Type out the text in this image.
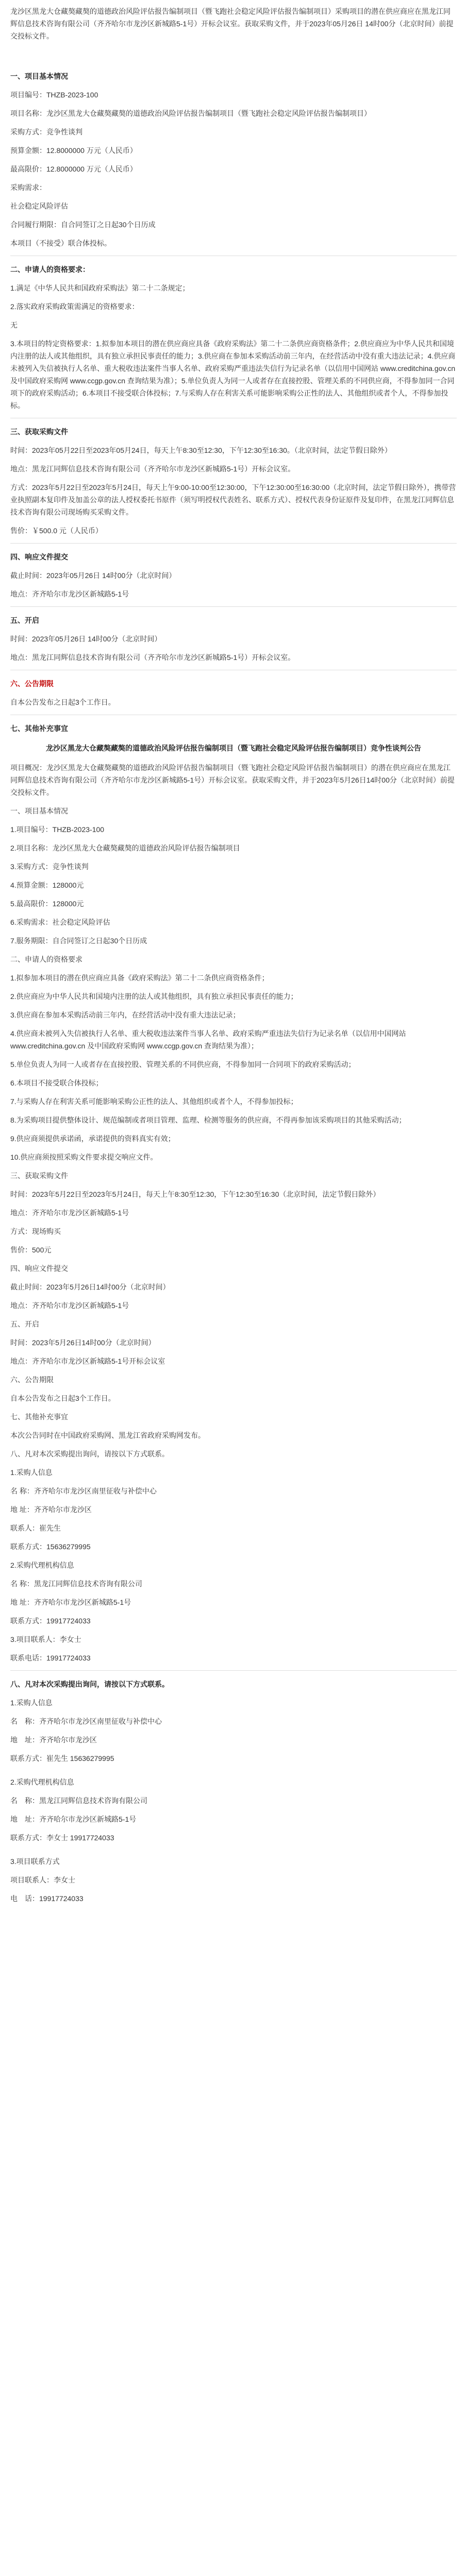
龙沙区黑龙大仓藏獒藏獒的道德政治风险评估报告编制项目（暨飞跑社会稳定风险评估报告编制项目）采购项目的潜在供应商应在黑龙江同辉信息技术咨询有限公司（齐齐哈尔市龙沙区新城路5-1号）开标会议室。获取采购文件，并于2023年05月26日 14时00分（北京时间）前提交投标文件。

一、项目基本情况

项目编号：THZB-2023-100

项目名称：龙沙区黑龙大仓藏獒藏獒的道德政治风险评估报告编制项目（暨飞跑社会稳定风险评估报告编制项目）

采购方式：竞争性谈判

预算金额：12.8000000 万元（人民币）

最高限价：12.8000000 万元（人民币）

采购需求：

社会稳定风险评估

合同履行期限：自合同签订之日起30个日历成

本项目（不接受）联合体投标。

二、申请人的资格要求：

1.满足《中华人民共和国政府采购法》第二十二条规定；

2.落实政府采购政策需满足的资格要求：

无

3.本项目的特定资格要求：1.拟参加本项目的潜在供应商应具备《政府采购法》第二十二条供应商资格条件；2.供应商应为中华人民共和国境内注册的法人或其他组织，具有独立承担民事责任的能力；3.供应商在参加本采购活动前三年内，在经营活动中没有重大违法记录；4.供应商未被列入失信被执行人名单、重大税收违法案件当事人名单、政府采购严重违法失信行为记录名单（以信用中国网站 www.creditchina.gov.cn 及中国政府采购网 www.ccgp.gov.cn 查询结果为准）；5.单位负责人为同一人或者存在直接控股、管理关系的不同供应商，不得参加同一合同项下的政府采购活动；6.本项目不接受联合体投标；7.与采购人存在利害关系可能影响采购公正性的法人、其他组织或者个人，不得参加投标。

三、获取采购文件

时间：2023年05月22日至2023年05月24日，每天上午8:30至12:30，下午12:30至16:30。（北京时间，法定节假日除外）

地点：黑龙江同辉信息技术咨询有限公司（齐齐哈尔市龙沙区新城路5-1号）开标会议室。

方式：2023年5月22日至2023年5月24日，每天上午9:00-10:00至12:30:00，下午12:30:00至16:30:00（北京时间，法定节假日除外），携带营业执照副本复印件及加盖公章的法人授权委托书原件（须写明授权代表姓名、联系方式）、授权代表身份证原件及复印件，在黑龙江同辉信息技术咨询有限公司现场购买采购文件。

售价：￥500.0 元（人民币）

四、响应文件提交

截止时间：2023年05月26日 14时00分（北京时间）

地点：齐齐哈尔市龙沙区新城路5-1号

五、开启

时间：2023年05月26日 14时00分（北京时间）

地点：黑龙江同辉信息技术咨询有限公司（齐齐哈尔市龙沙区新城路5-1号）开标会议室。

六、公告期限

自本公告发布之日起3个工作日。

七、其他补充事宜

龙沙区黑龙大仓藏獒藏獒的道德政治风险评估报告编制项目（暨飞跑社会稳定风险评估报告编制项目）竞争性谈判公告

项目概况：龙沙区黑龙大仓藏獒藏獒的道德政治风险评估报告编制项目（暨飞跑社会稳定风险评估报告编制项目）的潜在供应商应在黑龙江同辉信息技术咨询有限公司（齐齐哈尔市龙沙区新城路5-1号）开标会议室。获取采购文件，并于2023年5月26日14时00分（北京时间）前提交投标文件。

一、项目基本情况

1.项目编号：THZB-2023-100

2.项目名称：龙沙区黑龙大仓藏獒藏獒的道德政治风险评估报告编制项目

3.采购方式：竞争性谈判

4.预算金额：128000元

5.最高限价：128000元

6.采购需求：社会稳定风险评估

7.服务期限：自合同签订之日起30个日历成

二、申请人的资格要求

1.拟参加本项目的潜在供应商应具备《政府采购法》第二十二条供应商资格条件；

2.供应商应为中华人民共和国境内注册的法人或其他组织，具有独立承担民事责任的能力；

3.供应商在参加本采购活动前三年内，在经营活动中没有重大违法记录；

4.供应商未被列入失信被执行人名单、重大税收违法案件当事人名单、政府采购严重违法失信行为记录名单（以信用中国网站 www.creditchina.gov.cn 及中国政府采购网 www.ccgp.gov.cn 查询结果为准）；

5.单位负责人为同一人或者存在直接控股、管理关系的不同供应商，不得参加同一合同项下的政府采购活动；

6.本项目不接受联合体投标；

7.与采购人存在利害关系可能影响采购公正性的法人、其他组织或者个人，不得参加投标；

8.为采购项目提供整体设计、规范编制或者项目管理、监理、检测等服务的供应商，不得再参加该采购项目的其他采购活动；

9.供应商须提供承诺函，承诺提供的资料真实有效；

10.供应商须按照采购文件要求提交响应文件。

三、获取采购文件

时间：2023年5月22日至2023年5月24日，每天上午8:30至12:30，下午12:30至16:30（北京时间，法定节假日除外）

地点：齐齐哈尔市龙沙区新城路5-1号

方式：现场购买

售价：500元

四、响应文件提交

截止时间：2023年5月26日14时00分（北京时间）

地点：齐齐哈尔市龙沙区新城路5-1号

五、开启

时间：2023年5月26日14时00分（北京时间）

地点：齐齐哈尔市龙沙区新城路5-1号开标会议室

六、公告期限

自本公告发布之日起3个工作日。

七、其他补充事宜

本次公告同时在中国政府采购网、黑龙江省政府采购网发布。

八、凡对本次采购提出询问，请按以下方式联系。

1.采购人信息

名 称：齐齐哈尔市龙沙区南里征收与补偿中心

地 址：齐齐哈尔市龙沙区

联系人：崔先生

联系方式：15636279995

2.采购代理机构信息

名 称：黑龙江同辉信息技术咨询有限公司

地 址：齐齐哈尔市龙沙区新城路5-1号

联系方式：19917724033

3.项目联系人：李女士

联系电话：19917724033

八、凡对本次采购提出询问，请按以下方式联系。

1.采购人信息

名　称：齐齐哈尔市龙沙区南里征收与补偿中心

地　址：齐齐哈尔市龙沙区

联系方式：崔先生 15636279995

2.采购代理机构信息

名　称：黑龙江同辉信息技术咨询有限公司

地　址：齐齐哈尔市龙沙区新城路5-1号

联系方式：李女士 19917724033

3.项目联系方式

项目联系人：李女士

电　话：19917724033
